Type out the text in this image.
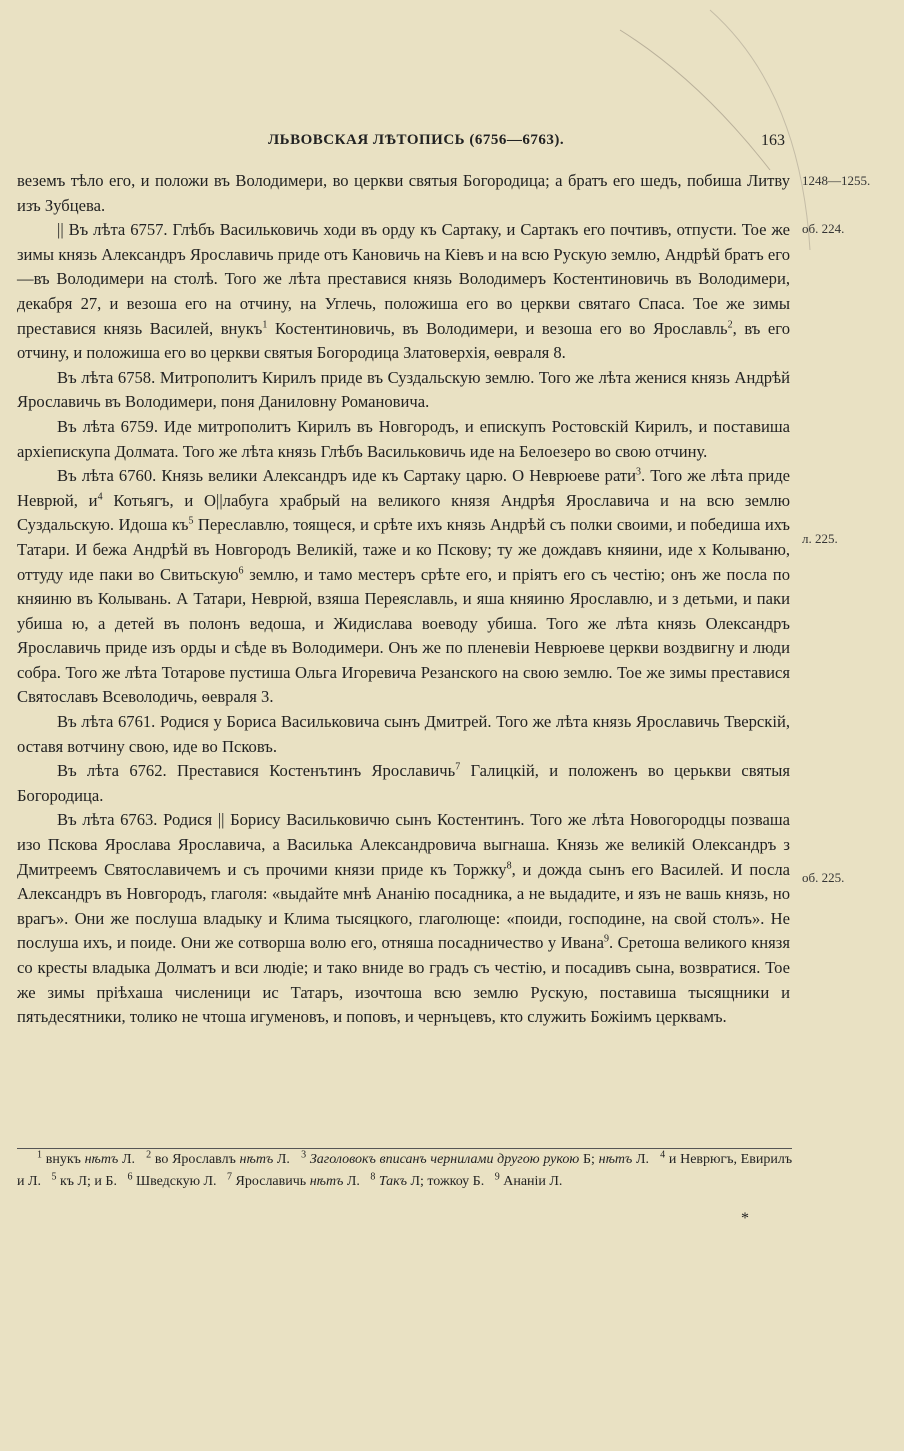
ЛЬВОВСКАЯ ЛѢТОПИСЬ (6756—6763).	163
1248—1255.
об. 224.
л. 225.
об. 225.

веземъ тѣло его, и положи въ Володимери, во церкви святыя Богородица; а братъ его шедъ, побиша Литву изъ Зубцева.

|| Въ лѣта 6757. Глѣбъ Васильковичь ходи въ орду къ Сартаку, и Сартакъ его почтивъ, отпусти. Тое же зимы князь Александръ Ярославичь приде отъ Кановичь на Кіевъ и на всю Рускую землю, Андрѣй братъ его—въ Володимери на столѣ. Того же лѣта преставися князь Володимеръ Костентиновичь въ Володимери, декабря 27, и везоша его на отчину, на Углечь, положиша его во церкви святаго Спаса. Тое же зимы преставися князь Василей, внукъ$^1$ Костентиновичь, въ Володимери, и везоша его во Ярославль$^2$, въ его отчину, и положиша его во церкви святыя Богородица Златоверхія, ѳевраля 8.

Въ лѣта 6758. Митрополитъ Кирилъ приде въ Суздальскую землю. Того же лѣта женися князь Андрѣй Ярославичь въ Володимери, поня Даниловну Романовича.

Въ лѣта 6759. Иде митрополитъ Кирилъ въ Новгородъ, и епискупъ Ростовскій Кирилъ, и поставиша архіепискупа Долмата. Того же лѣта князь Глѣбъ Васильковичь иде на Белоезеро во свою отчину.

Въ лѣта 6760. Князь велики Александръ иде къ Сартаку царю. О Неврюеве рати$^3$. Того же лѣта приде Неврюй, $и^4$ Котьягъ, и О||лабуга храбрый на великого князя Андрѣя Ярославича и на всю землю Суздальскую. Идоша $къ^5$ Переславлю, тоящеся, и срѣте ихъ князь Андрѣй съ полки своими, и победиша ихъ Татари. И бежа Андрѣй въ Новгородъ Великій, таже и ко Пскову; ту же дождавъ княини, иде х Колываню, оттуду иде паки во Свитьскую$^6$ землю, и тамо местеръ срѣте его, и пріятъ его съ честію; онъ же посла по княиню въ Колывань. А Татари, Неврюй, взяша Переяславль, и яша княиню Ярославлю, и з детьми, и паки убиша ю, а детей въ полонъ ведоша, и Жидислава воеводу убиша. Того же лѣта князь Олександръ Ярославичь приде изъ орды и сѣде въ Володимери. Онъ же по пленевіи Неврюеве церкви воздвигну и люди собра. Того же лѣта Тотарове пустиша Ольга Игоревича Резанского на свою землю. Тое же зимы преставися Святославъ Всеволодичь, ѳевраля 3.

Въ лѣта 6761. Родися у Бориса Васильковича сынъ Дмитрей. Того же лѣта князь Ярославичь Тверскій, оставя вотчину свою, иде во Псковъ.

Въ лѣта 6762. Преставися Костенътинъ Ярославичь$^7$ Галицкій, и положенъ во церькви святыя Богородица.

Въ лѣта 6763. Родися || Борису Васильковичю сынъ Костентинъ. Того же лѣта Новогородцы позваша изо Пскова Ярослава Ярославича, а Василька Александровича выгнаша. Князь же великій Олександръ з Дмитреемъ Святославичемъ и съ прочими князи приде къ Торжку$^8$, и дожда сынъ его Василей. И посла Александръ въ Новгородъ, глаголя: «выдайте мнѣ Ананію посадника, а не выдадите, и язъ не вашь князь, но врагъ». Они же послуша владыку и Клима тысяцкого, глаголюще: «поиди, господине, на свой столъ». Не послуша ихъ, и поиде. Они же сотворша волю его, отняша посадничество у Ивана$^9$. Сретоша великого князя со кресты владыка Долматъ и вси людіе; и тако вниде во градъ съ честію, и посадивъ сына, возвратися. Тое же зимы пріѣхаша численици ис Татаръ, изочтоша всю землю Рускую, поставиша тысящники и пятьдесятники, толико не чтоша игуменовъ, и поповъ, и чернъцевъ, кто служить Божіимъ церквамъ.

$^1$ внукъ нѣтъ Л. $^2$ во Ярославлъ нѣтъ Л. $^3$ Заголовокъ вписанъ чернилами другою рукою Б; нѣтъ Л. $^4$ и Неврюгъ, Евирилъ и Л. $^5$ къ Л; и Б. $^6$ Шведскую Л. $^7$ Ярославичь нѣтъ Л. $^8$ Такъ Л; тожкоу Б. $^9$ Ананіи Л.
*
